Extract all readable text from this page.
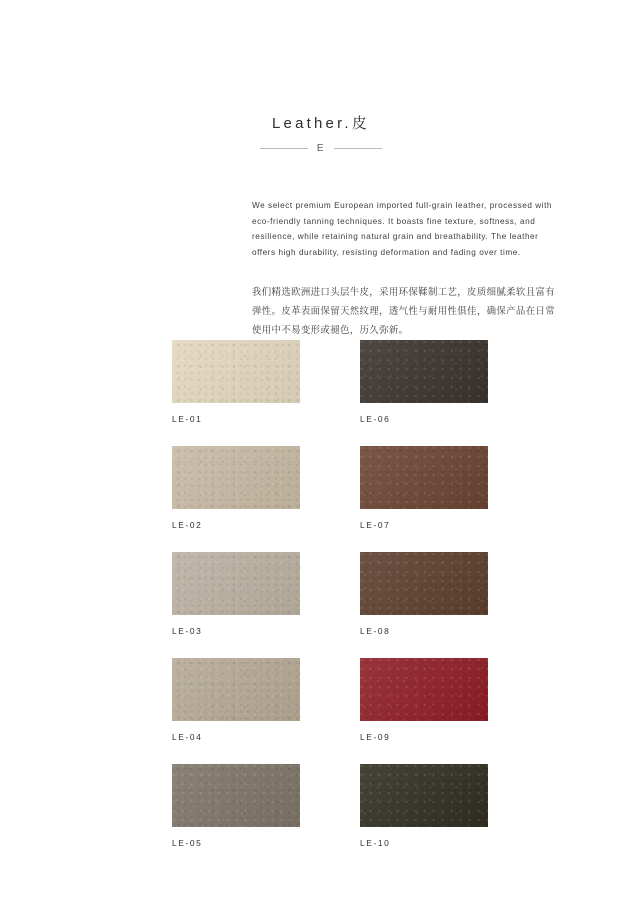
Leather.皮
E

We select premium European imported full-grain leather, processed with eco-friendly tanning techniques. It boasts fine texture, softness, and resilience, while retaining natural grain and breathability. The leather offers high durability, resisting deformation and fading over time.

我们精选欧洲进口头层牛皮，采用环保鞣制工艺，皮质细腻柔软且富有弹性。皮革表面保留天然纹理，透气性与耐用性俱佳，确保产品在日常使用中不易变形或褪色，历久弥新。

LE-01	LE-06
LE-02	LE-07
LE-03	LE-08
LE-04	LE-09
LE-05	LE-10
